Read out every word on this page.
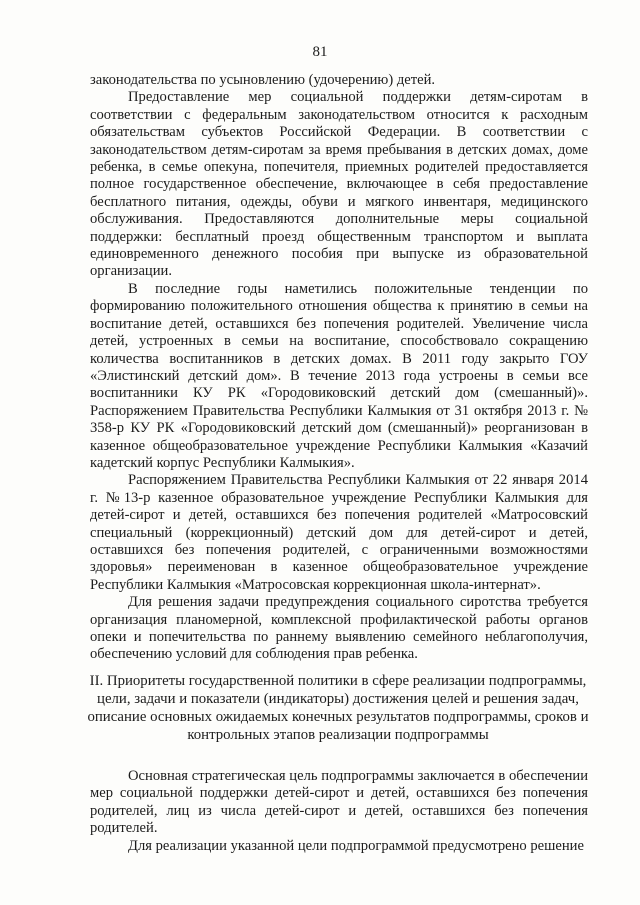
81

законодательства по усыновлению (удочерению) детей.

Предоставление мер социальной поддержки детям-сиротам в соответствии с федеральным законодательством относится к расходным обязательствам субъектов Российской Федерации. В соответствии с законодательством детям-сиротам за время пребывания в детских домах, доме ребенка, в семье опекуна, попечителя, приемных родителей предоставляется полное государственное обеспечение, включающее в себя предоставление бесплатного питания, одежды, обуви и мягкого инвентаря, медицинского обслуживания. Предоставляются дополнительные меры социальной поддержки: бесплатный проезд общественным транспортом и выплата единовременного денежного пособия при выпуске из образовательной организации.

В последние годы наметились положительные тенденции по формированию положительного отношения общества к принятию в семьи на воспитание детей, оставшихся без попечения родителей. Увеличение числа детей, устроенных в семьи на воспитание, способствовало сокращению количества воспитанников в детских домах. В 2011 году закрыто ГОУ «Элистинский детский дом». В течение 2013 года устроены в семьи все воспитанники КУ РК «Городовиковский детский дом (смешанный)». Распоряжением Правительства Республики Калмыкия от 31 октября 2013 г. № 358-р КУ РК «Городовиковский детский дом (смешанный)» реорганизован в казенное общеобразовательное учреждение Республики Калмыкия «Казачий кадетский корпус Республики Калмыкия».

Распоряжением Правительства Республики Калмыкия от 22 января 2014 г. №13-р казенное образовательное учреждение Республики Калмыкия для детей-сирот и детей, оставшихся без попечения родителей «Матросовский специальный (коррекционный) детский дом для детей-сирот и детей, оставшихся без попечения родителей, с ограниченными возможностями здоровья» переименован в казенное общеобразовательное учреждение Республики Калмыкия «Матросовская коррекционная школа-интернат».

Для решения задачи предупреждения социального сиротства требуется организация планомерной, комплексной профилактической работы органов опеки и попечительства по раннему выявлению семейного неблагополучия, обеспечению условий для соблюдения прав ребенка.

II. Приоритеты государственной политики в сфере реализации подпрограммы, цели, задачи и показатели (индикаторы) достижения целей и решения задач, описание основных ожидаемых конечных результатов подпрограммы, сроков и контрольных этапов реализации подпрограммы

Основная стратегическая цель подпрограммы заключается в обеспечении мер социальной поддержки детей-сирот и детей, оставшихся без попечения родителей, лиц из числа детей-сирот и детей, оставшихся без попечения родителей.

Для реализации указанной цели подпрограммой предусмотрено решение
